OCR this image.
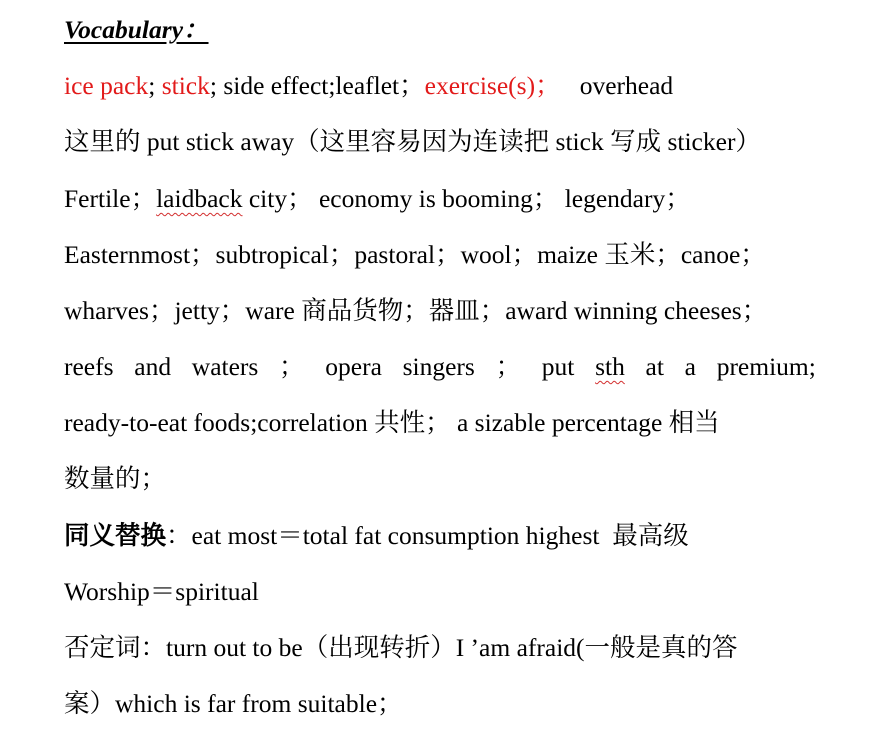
Vocabulary：
ice pack; stick; side effect;leaflet；exercise(s)；   overhead
这里的 put stick away（这里容易因为连读把 stick 写成 sticker）
Fertile；laidback city； economy is booming； legendary；
Easternmost；subtropical；pastoral；wool；maize 玉米；canoe；
wharves；jetty；ware 商品货物；器皿；award winning cheeses；
reefs and waters ； opera singers ； put sth at a premium;
ready-to-eat foods;correlation 共性； a sizable percentage 相当
数量的；
同义替换：eat most＝total fat consumption highest  最高级
Worship＝spiritual
否定词：turn out to be（出现转折）I ’am afraid(一般是真的答
案）which is far from suitable；
